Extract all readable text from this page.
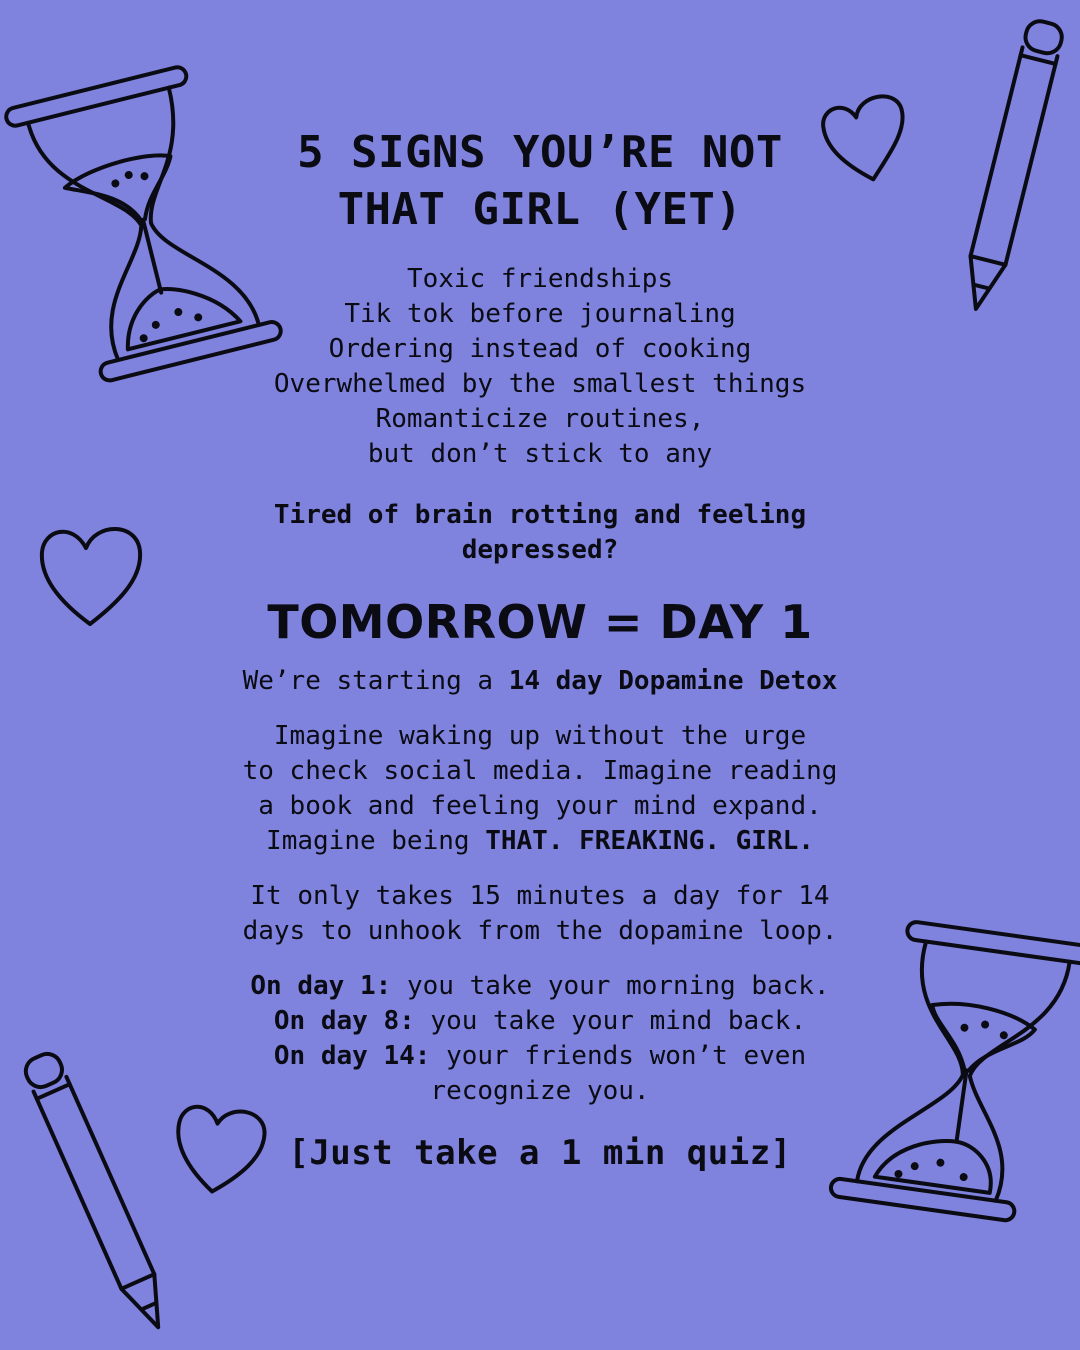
5 SIGNS YOU’RE NOT
THAT GIRL (YET)
Toxic friendships
Tik tok before journaling
Ordering instead of cooking
Overwhelmed by the smallest things
Romanticize routines,
but don’t stick to any

Tired of brain rotting and feeling depressed?

TOMORROW = DAY 1

We’re starting a 14 day Dopamine Detox

Imagine waking up without the urge

to check social media. Imagine reading

a book and feeling your mind expand.

Imagine being THAT. FREAKING. GIRL.

It only takes 15 minutes a day for 14

days to unhook from the dopamine loop.

On day 1: you take your morning back.

On day 8: you take your mind back.

On day 14: your friends won’t even

recognize you.

[Just take a 1 min quiz]
